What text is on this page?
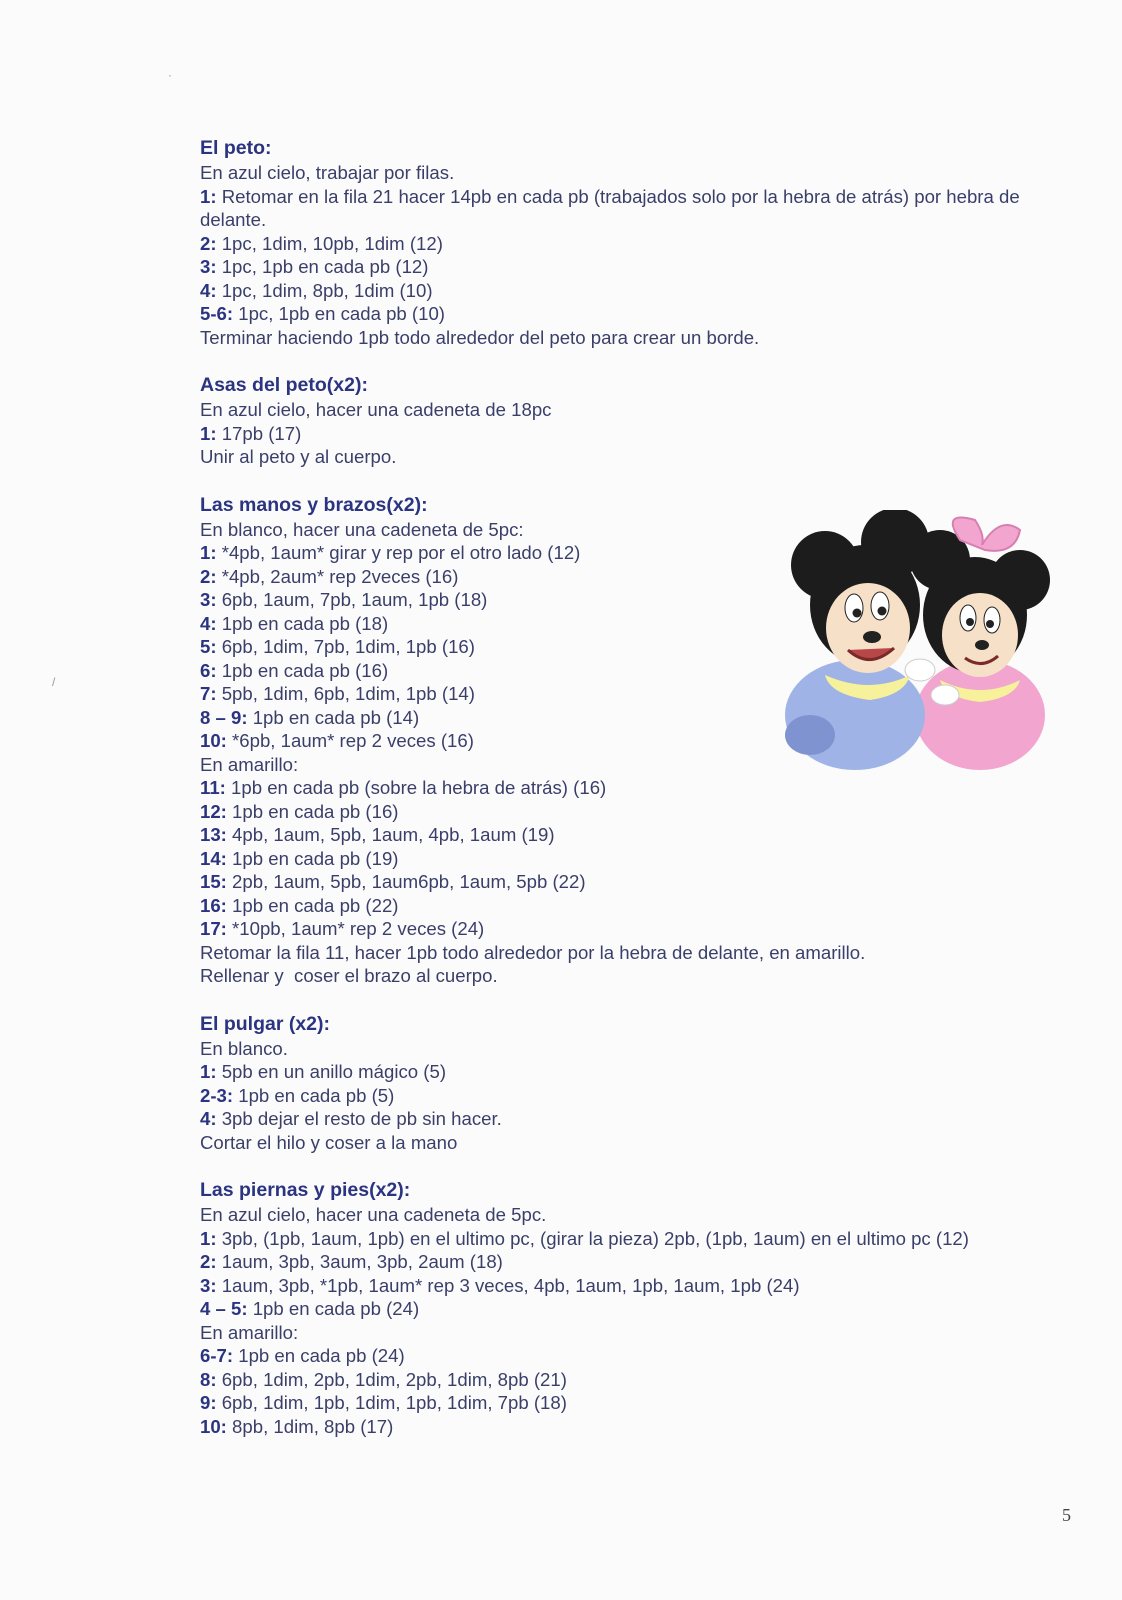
El peto:
En azul cielo, trabajar por filas.
1: Retomar en la fila 21 hacer 14pb en cada pb (trabajados solo por la hebra de atrás) por hebra de delante.
2: 1pc, 1dim, 10pb, 1dim (12)
3: 1pc, 1pb en cada pb (12)
4: 1pc, 1dim, 8pb, 1dim (10)
5-6: 1pc, 1pb en cada pb (10)
Terminar haciendo 1pb todo alrededor del peto para crear un borde.
Asas del peto(x2):
En azul cielo, hacer una cadeneta de 18pc
1: 17pb (17)
Unir al peto y al cuerpo.
Las manos y brazos(x2):
En blanco, hacer una cadeneta de 5pc:
1: *4pb, 1aum* girar y rep por el otro lado (12)
2: *4pb, 2aum* rep 2veces (16)
3: 6pb, 1aum, 7pb, 1aum, 1pb (18)
4: 1pb en cada pb (18)
5: 6pb, 1dim, 7pb, 1dim, 1pb (16)
6: 1pb en cada pb (16)
7: 5pb, 1dim, 6pb, 1dim, 1pb (14)
8 – 9: 1pb en cada pb (14)
10: *6pb, 1aum* rep 2 veces (16)
En amarillo:
11: 1pb en cada pb (sobre la hebra de atrás) (16)
12: 1pb en cada pb (16)
13: 4pb, 1aum, 5pb, 1aum, 4pb, 1aum (19)
14: 1pb en cada pb (19)
15: 2pb, 1aum, 5pb, 1aum6pb, 1aum, 5pb (22)
16: 1pb en cada pb (22)
17: *10pb, 1aum* rep 2 veces (24)
Retomar la fila 11, hacer 1pb todo alrededor por la hebra de delante, en amarillo.
Rellenar y  coser el brazo al cuerpo.
El pulgar (x2):
En blanco.
1: 5pb en un anillo mágico (5)
2-3: 1pb en cada pb (5)
4: 3pb dejar el resto de pb sin hacer.
Cortar el hilo y coser a la mano
Las piernas y pies(x2):
En azul cielo, hacer una cadeneta de 5pc.
1: 3pb, (1pb, 1aum, 1pb) en el ultimo pc, (girar la pieza) 2pb, (1pb, 1aum) en el ultimo pc (12)
2: 1aum, 3pb, 3aum, 3pb, 2aum (18)
3: 1aum, 3pb, *1pb, 1aum* rep 3 veces, 4pb, 1aum, 1pb, 1aum, 1pb (24)
4 – 5: 1pb en cada pb (24)
En amarillo:
6-7: 1pb en cada pb (24)
8: 6pb, 1dim, 2pb, 1dim, 2pb, 1dim, 8pb (21)
9: 6pb, 1dim, 1pb, 1dim, 1pb, 1dim, 7pb (18)
10: 8pb, 1dim, 8pb (17)
5
·
/
